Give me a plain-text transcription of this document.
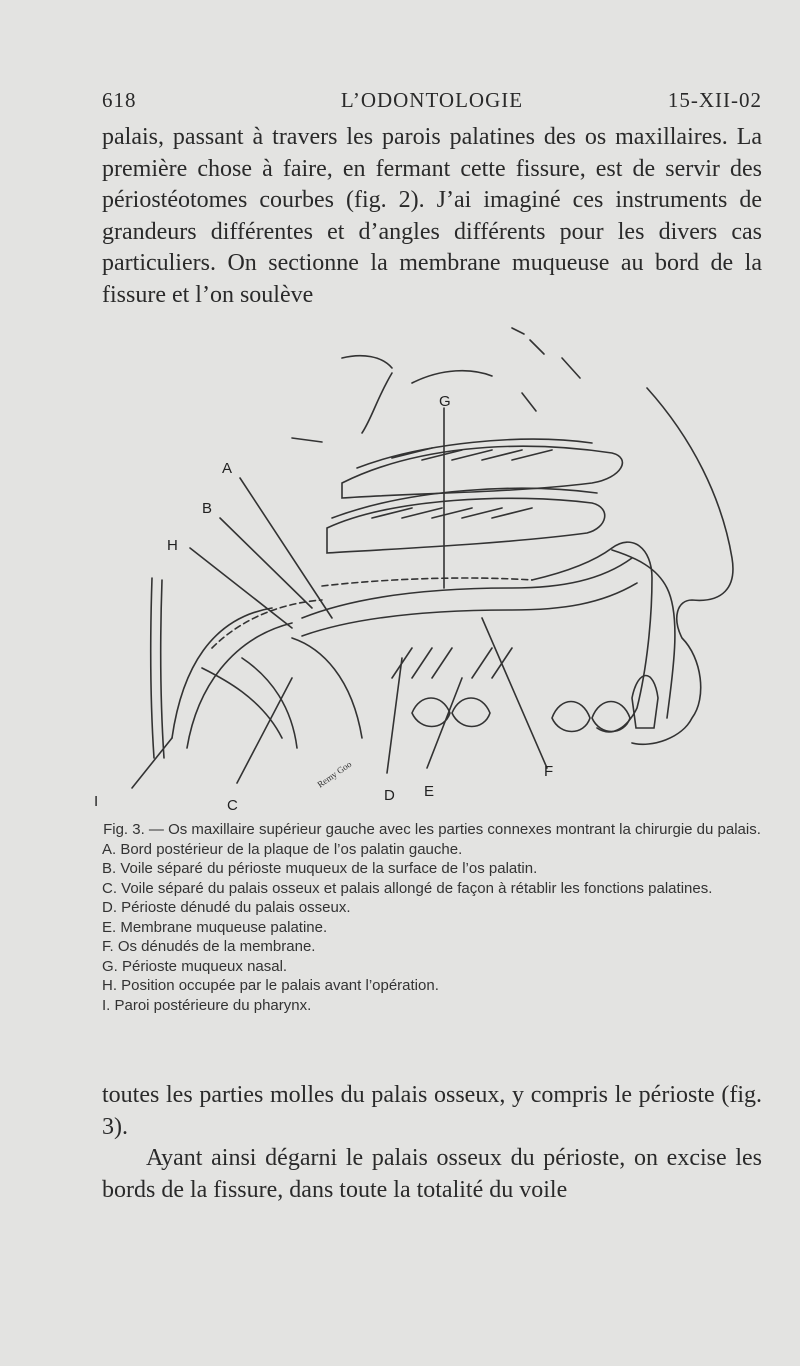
618	L’ODONTOLOGIE	15-XII-02

palais, passant à travers les parois palatines des os maxillaires. La première chose à faire, en fermant cette fissure, est de servir des périostéotomes courbes (fig. 2). J’ai imaginé ces instruments de grandeurs différentes et d’angles différents pour les divers cas particuliers. On sectionne la membrane muqueuse au bord de la fissure et l’on soulève

A
B
H
G
I	C
D E
F
Remy Goo
Fig. 3. — Os maxillaire supérieur gauche avec les parties connexes montrant la chirurgie du palais.
A. Bord postérieur de la plaque de l’os palatin gauche.
B. Voile séparé du périoste muqueux de la surface de l’os palatin.
C. Voile séparé du palais osseux et palais allongé de façon à rétablir les fonctions palatines.
D. Périoste dénudé du palais osseux.
E. Membrane muqueuse palatine.
F. Os dénudés de la membrane.
G. Périoste muqueux nasal.
H. Position occupée par le palais avant l’opération.
I. Paroi postérieure du pharynx.

toutes les parties molles du palais osseux, y compris le périoste (fig. 3).

Ayant ainsi dégarni le palais osseux du périoste, on excise les bords de la fissure, dans toute la totalité du voile
